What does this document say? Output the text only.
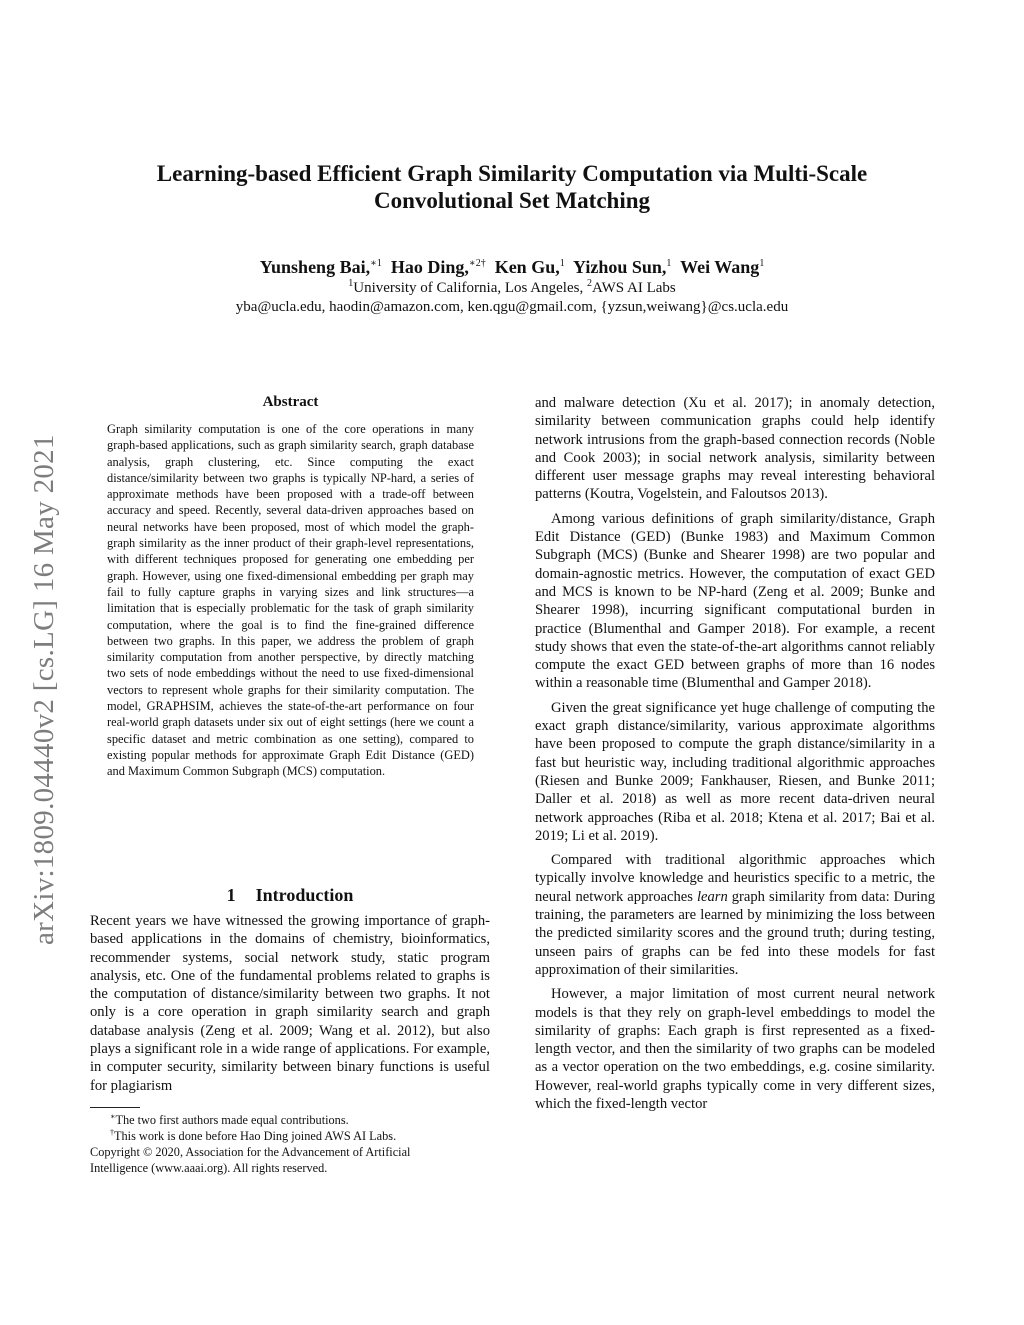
arXiv:1809.04440v2 [cs.LG] 16 May 2021
Learning-based Efficient Graph Similarity Computation via Multi-Scale
Convolutional Set Matching
Yunsheng Bai,$^{∗1}$ Hao Ding,$^{∗2\dagger}$ Ken Gu,$^1$ Yizhou Sun,$^1$ Wei Wang$^1$
$^1$University of California, Los Angeles, $^2$AWS AI Labs
yba@ucla.edu, haodin@amazon.com, ken.qgu@gmail.com, {yzsun,weiwang}@cs.ucla.edu
Abstract

Graph similarity computation is one of the core operations in many graph-based applications, such as graph similarity search, graph database analysis, graph clustering, etc. Since computing the exact distance/similarity between two graphs is typically NP-hard, a series of approximate methods have been proposed with a trade-off between accuracy and speed. Recently, several data-driven approaches based on neural networks have been proposed, most of which model the graph-graph similarity as the inner product of their graph-level representations, with different techniques proposed for generating one embedding per graph. However, using one fixed-dimensional embedding per graph may fail to fully capture graphs in varying sizes and link structures—a limitation that is especially problematic for the task of graph similarity computation, where the goal is to find the fine-grained difference between two graphs. In this paper, we address the problem of graph similarity computation from another perspective, by directly matching two sets of node embeddings without the need to use fixed-dimensional vectors to represent whole graphs for their similarity computation. The model, GRAPHSIM, achieves the state-of-the-art performance on four real-world graph datasets under six out of eight settings (here we count a specific dataset and metric combination as one setting), compared to existing popular methods for approximate Graph Edit Distance (GED) and Maximum Common Subgraph (MCS) computation.

1 Introduction

Recent years we have witnessed the growing importance of graph-based applications in the domains of chemistry, bioinformatics, recommender systems, social network study, static program analysis, etc. One of the fundamental problems related to graphs is the computation of distance/similarity between two graphs. It not only is a core operation in graph similarity search and graph database analysis (Zeng et al. 2009; Wang et al. 2012), but also plays a significant role in a wide range of applications. For example, in computer security, similarity between binary functions is useful for plagiarism

∗The two first authors made equal contributions.

†This work is done before Hao Ding joined AWS AI Labs.

Copyright © 2020, Association for the Advancement of Artificial

Intelligence (www.aaai.org). All rights reserved.

and malware detection (Xu et al. 2017); in anomaly detection, similarity between communication graphs could help identify network intrusions from the graph-based connection records (Noble and Cook 2003); in social network analysis, similarity between different user message graphs may reveal interesting behavioral patterns (Koutra, Vogelstein, and Faloutsos 2013).

Among various definitions of graph similarity/distance, Graph Edit Distance (GED) (Bunke 1983) and Maximum Common Subgraph (MCS) (Bunke and Shearer 1998) are two popular and domain-agnostic metrics. However, the computation of exact GED and MCS is known to be NP-hard (Zeng et al. 2009; Bunke and Shearer 1998), incurring significant computational burden in practice (Blumenthal and Gamper 2018). For example, a recent study shows that even the state-of-the-art algorithms cannot reliably compute the exact GED between graphs of more than 16 nodes within a reasonable time (Blumenthal and Gamper 2018).

Given the great significance yet huge challenge of computing the exact graph distance/similarity, various approximate algorithms have been proposed to compute the graph distance/similarity in a fast but heuristic way, including traditional algorithmic approaches (Riesen and Bunke 2009; Fankhauser, Riesen, and Bunke 2011; Daller et al. 2018) as well as more recent data-driven neural network approaches (Riba et al. 2018; Ktena et al. 2017; Bai et al. 2019; Li et al. 2019).

Compared with traditional algorithmic approaches which typically involve knowledge and heuristics specific to a metric, the neural network approaches learn graph similarity from data: During training, the parameters are learned by minimizing the loss between the predicted similarity scores and the ground truth; during testing, unseen pairs of graphs can be fed into these models for fast approximation of their similarities.

However, a major limitation of most current neural network models is that they rely on graph-level embeddings to model the similarity of graphs: Each graph is first represented as a fixed-length vector, and then the similarity of two graphs can be modeled as a vector operation on the two embeddings, e.g. cosine similarity. However, real-world graphs typically come in very different sizes, which the fixed-length vector
